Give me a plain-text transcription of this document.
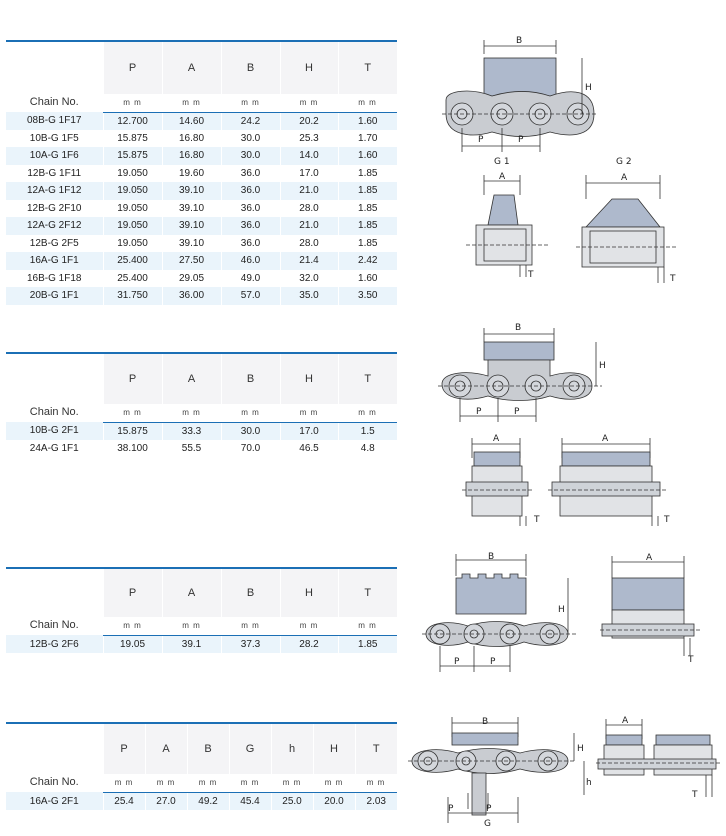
Chain No.	P	A	B	H	T
	m m	m m	m m	m m	m m
08B-G 1F17	12.700	14.60	24.2	20.2	1.60
10B-G 1F5	15.875	16.80	30.0	25.3	1.70
10A-G 1F6	15.875	16.80	30.0	14.0	1.60
12B-G 1F11	19.050	19.60	36.0	17.0	1.85
12A-G 1F12	19.050	39.10	36.0	21.0	1.85
12B-G 2F10	19.050	39.10	36.0	28.0	1.85
12A-G 2F12	19.050	39.10	36.0	21.0	1.85
12B-G 2F5	19.050	39.10	36.0	28.0	1.85
16A-G 1F1	25.400	27.50	46.0	21.4	2.42
16B-G 1F18	25.400	29.05	49.0	32.0	1.60
20B-G 1F1	31.750	36.00	57.0	35.0	3.50

Chain No.	P	A	B	H	T
	m m	m m	m m	m m	m m
10B-G 2F1	15.875	33.3	30.0	17.0	1.5
24A-G 1F1	38.100	55.5	70.0	46.5	4.8

Chain No.	P	A	B	H	T
	m m	m m	m m	m m	m m
12B-G 2F6	19.05	39.1	37.3	28.2	1.85

Chain No.	P	A	B	G	h	H	T
	m m	m m	m m	m m	m m	m m	m m
16A-G 2F1	25.4	27.0	49.2	45.4	25.0	20.0	2.03
B
H
P	P
G 1
A
T
G 2
A
T
B
H
P	P
A
T
A
T
B
H
P	P
A
T
B
H
h
P	P
G
A
T
